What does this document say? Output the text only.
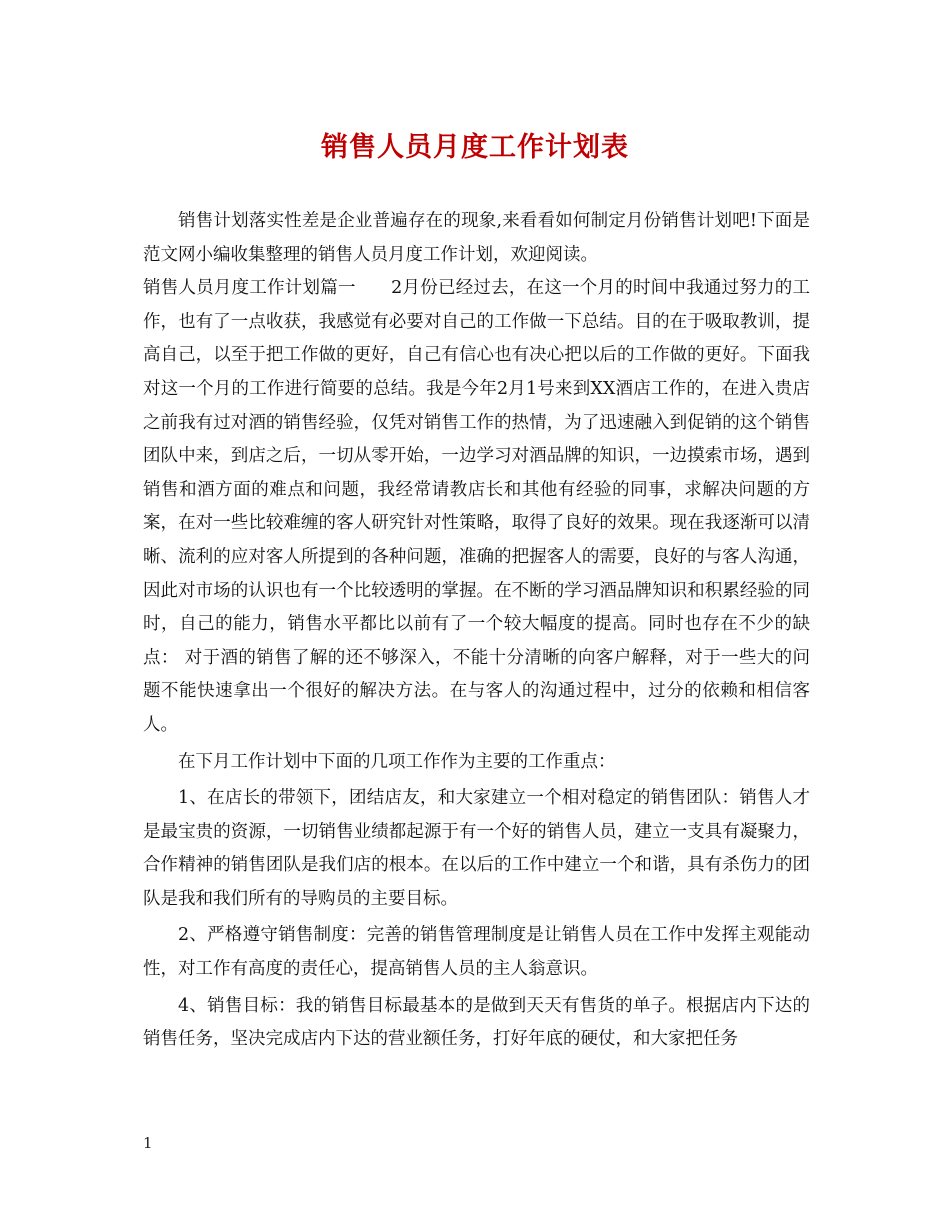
销售人员月度工作计划表

销售计划落实性差是企业普遍存在的现象,来看看如何制定月份销售计划吧!下面是范文网小编收集整理的销售人员月度工作计划，欢迎阅读。

销售人员月度工作计划篇一　　2月份已经过去，在这一个月的时间中我通过努力的工作，也有了一点收获，我感觉有必要对自己的工作做一下总结。目的在于吸取教训，提高自己，以至于把工作做的更好，自己有信心也有决心把以后的工作做的更好。下面我对这一个月的工作进行简要的总结。我是今年2月1号来到XX酒店工作的，在进入贵店之前我有过对酒的销售经验，仅凭对销售工作的热情，为了迅速融入到促销的这个销售团队中来，到店之后，一切从零开始，一边学习对酒品牌的知识，一边摸索市场，遇到销售和酒方面的难点和问题，我经常请教店长和其他有经验的同事，求解决问题的方案，在对一些比较难缠的客人研究针对性策略，取得了良好的效果。现在我逐渐可以清晰、流利的应对客人所提到的各种问题，准确的把握客人的需要，良好的与客人沟通，因此对市场的认识也有一个比较透明的掌握。在不断的学习酒品牌知识和积累经验的同时，自己的能力，销售水平都比以前有了一个较大幅度的提高。同时也存在不少的缺点： 对于酒的销售了解的还不够深入，不能十分清晰的向客户解释，对于一些大的问题不能快速拿出一个很好的解决方法。在与客人的沟通过程中，过分的依赖和相信客人。

在下月工作计划中下面的几项工作作为主要的工作重点：

1、在店长的带领下，团结店友，和大家建立一个相对稳定的销售团队：销售人才是最宝贵的资源，一切销售业绩都起源于有一个好的销售人员，建立一支具有凝聚力，合作精神的销售团队是我们店的根本。在以后的工作中建立一个和谐，具有杀伤力的团队是我和我们所有的导购员的主要目标。

2、严格遵守销售制度：完善的销售管理制度是让销售人员在工作中发挥主观能动性，对工作有高度的责任心，提高销售人员的主人翁意识。

4、销售目标：我的销售目标最基本的是做到天天有售货的单子。根据店内下达的销售任务，坚决完成店内下达的营业额任务，打好年底的硬仗，和大家把任务

1
